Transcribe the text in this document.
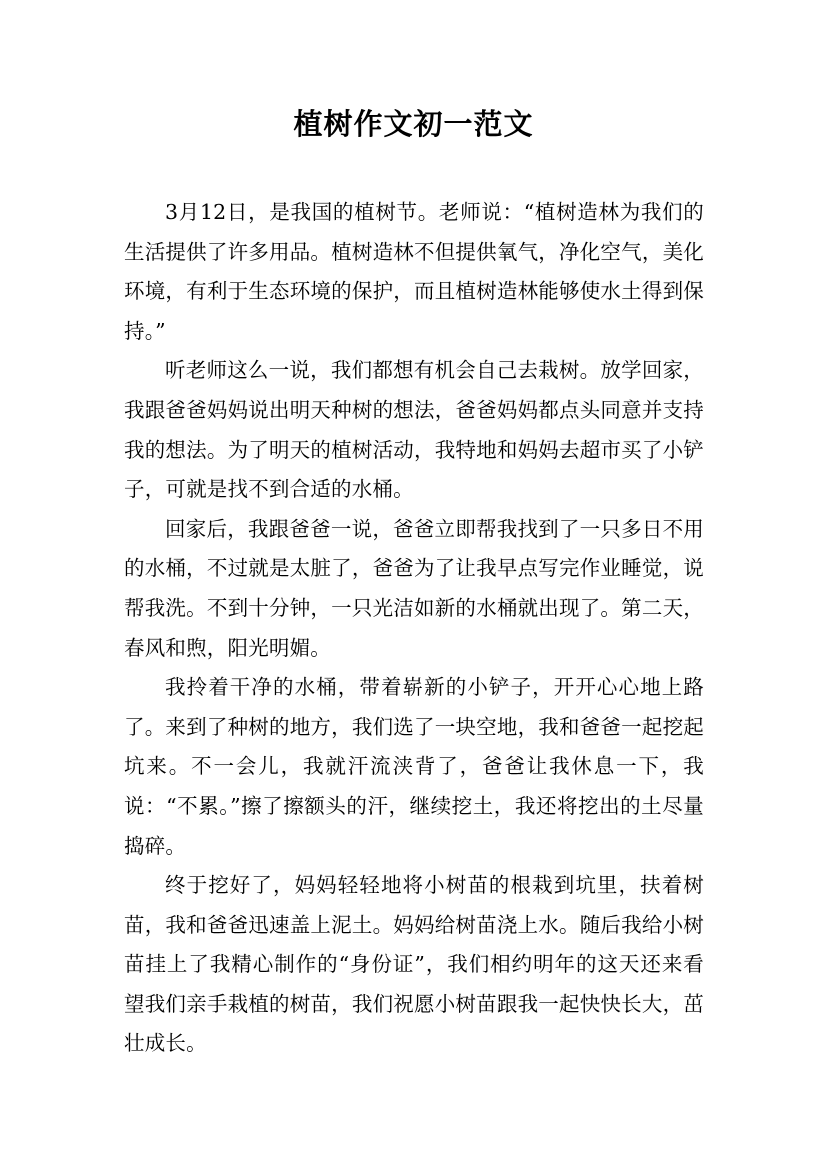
植树作文初一范文

3月12日，是我国的植树节。老师说：“植树造林为我们的生活提供了许多用品。植树造林不但提供氧气，净化空气，美化环境，有利于生态环境的保护，而且植树造林能够使水土得到保持。”

听老师这么一说，我们都想有机会自己去栽树。放学回家，我跟爸爸妈妈说出明天种树的想法，爸爸妈妈都点头同意并支持我的想法。为了明天的植树活动，我特地和妈妈去超市买了小铲子，可就是找不到合适的水桶。

回家后，我跟爸爸一说，爸爸立即帮我找到了一只多日不用的水桶，不过就是太脏了，爸爸为了让我早点写完作业睡觉，说帮我洗。不到十分钟，一只光洁如新的水桶就出现了。第二天，春风和煦，阳光明媚。

我拎着干净的水桶，带着崭新的小铲子，开开心心地上路了。来到了种树的地方，我们选了一块空地，我和爸爸一起挖起坑来。不一会儿，我就汗流浃背了，爸爸让我休息一下，我说：“不累。”擦了擦额头的汗，继续挖土，我还将挖出的土尽量捣碎。

终于挖好了，妈妈轻轻地将小树苗的根栽到坑里，扶着树苗，我和爸爸迅速盖上泥土。妈妈给树苗浇上水。随后我给小树苗挂上了我精心制作的“身份证”，我们相约明年的这天还来看望我们亲手栽植的树苗，我们祝愿小树苗跟我一起快快长大，茁壮成长。
